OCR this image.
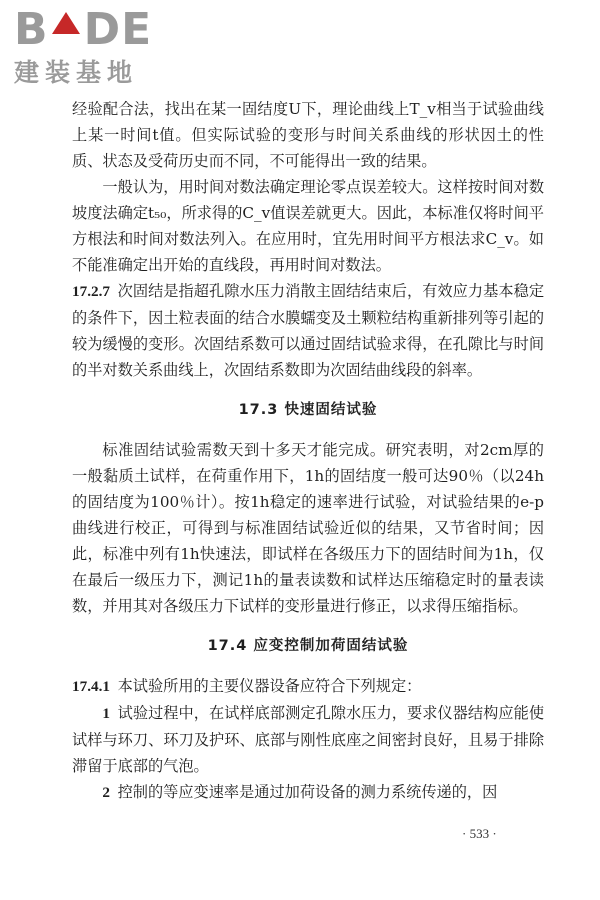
B DE
建装基地

经验配合法，找出在某一固结度U下，理论曲线上T_v相当于试验曲线上某一时间t值。但实际试验的变形与时间关系曲线的形状因土的性质、状态及受荷历史而不同，不可能得出一致的结果。

一般认为，用时间对数法确定理论零点误差较大。这样按时间对数坡度法确定t₅₀，所求得的C_v值误差就更大。因此，本标准仅将时间平方根法和时间对数法列入。在应用时，宜先用时间平方根法求C_v。如不能准确定出开始的直线段，再用时间对数法。

17.2.7 次固结是指超孔隙水压力消散主固结结束后，有效应力基本稳定的条件下，因土粒表面的结合水膜蠕变及土颗粒结构重新排列等引起的较为缓慢的变形。次固结系数可以通过固结试验求得，在孔隙比与时间的半对数关系曲线上，次固结系数即为次固结曲线段的斜率。

17.3 快速固结试验

标准固结试验需数天到十多天才能完成。研究表明，对2cm厚的一般黏质土试样，在荷重作用下，1h的固结度一般可达90％（以24h的固结度为100％计）。按1h稳定的速率进行试验，对试验结果的e-p曲线进行校正，可得到与标准固结试验近似的结果，又节省时间；因此，标准中列有1h快速法，即试样在各级压力下的固结时间为1h，仅在最后一级压力下，测记1h的量表读数和试样达压缩稳定时的量表读数，并用其对各级压力下试样的变形量进行修正，以求得压缩指标。

17.4 应变控制加荷固结试验

17.4.1 本试验所用的主要仪器设备应符合下列规定：

1 试验过程中，在试样底部测定孔隙水压力，要求仪器结构应能使试样与环刀、环刀及护环、底部与刚性底座之间密封良好，且易于排除滞留于底部的气泡。

2 控制的等应变速率是通过加荷设备的测力系统传递的，因

· 533 ·
